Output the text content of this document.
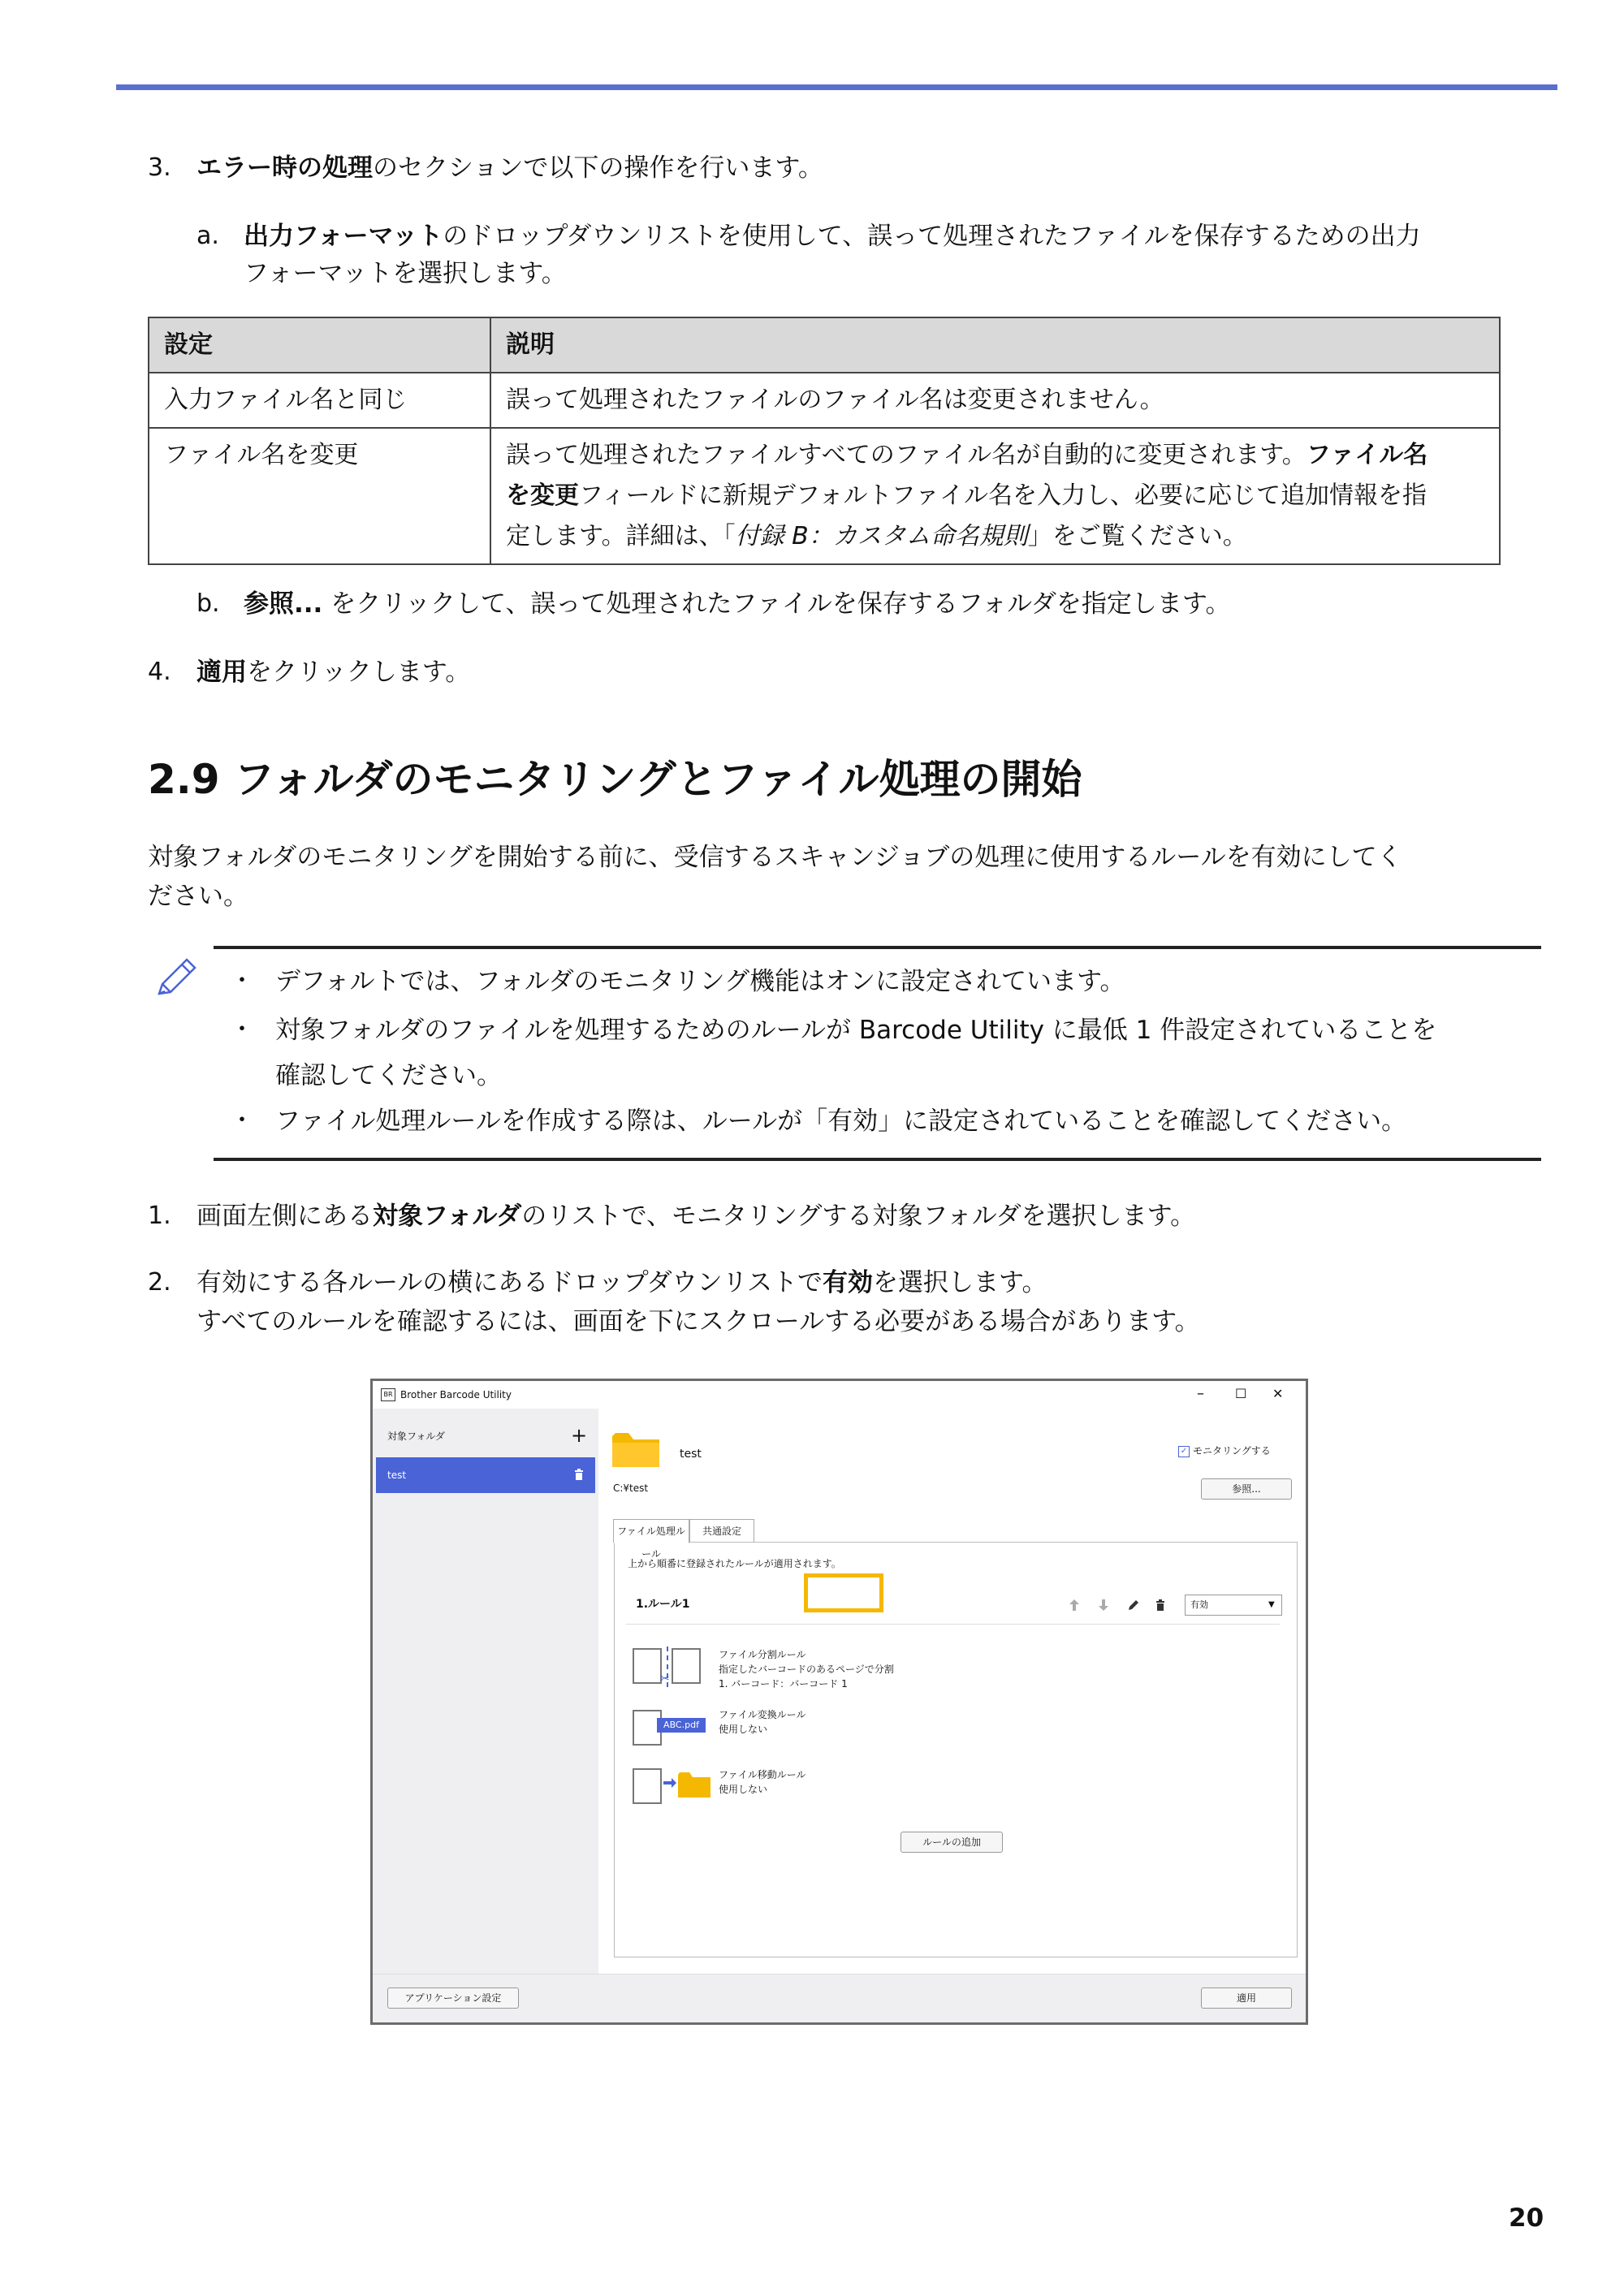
3. エラー時の処理のセクションで以下の操作を行います。
a. 出力フォーマットのドロップダウンリストを使用して、誤って処理されたファイルを保存するための出力
フォーマットを選択します。
設定	説明
入力ファイル名と同じ	誤って処理されたファイルのファイル名は変更されません。
ファイル名を変更	誤って処理されたファイルすべてのファイル名が自動的に変更されます。ファイル名
を変更フィールドに新規デフォルトファイル名を入力し、必要に応じて追加情報を指
定します。詳細は、「付録 B：カスタム命名規則」をご覧ください。
b. 参照... をクリックして、誤って処理されたファイルを保存するフォルダを指定します。
4. 適用をクリックします。
2.9 フォルダのモニタリングとファイル処理の開始
対象フォルダのモニタリングを開始する前に、受信するスキャンジョブの処理に使用するルールを有効にしてく
ださい。
・ デフォルトでは、フォルダのモニタリング機能はオンに設定されています。
・ 対象フォルダのファイルを処理するためのルールが Barcode Utility に最低 1 件設定されていることを
確認してください。
・ ファイル処理ルールを作成する際は、ルールが「有効」に設定されていることを確認してください。
1. 画面左側にある対象フォルダのリストで、モニタリングする対象フォルダを選択します。
2. 有効にする各ルールの横にあるドロップダウンリストで有効を選択します。
すべてのルールを確認するには、画面を下にスクロールする必要がある場合があります。
BR Brother Barcode Utility	– ☐ ✕
対象フォルダ	+
test
test	✓ モニタリングする
C:¥test	参照...
ファイル処理ルール
共通設定
上から順番に登録されたルールが適用されます。
1.ルール1	有効	▼
✂
ファイル分割ルール
指定したバーコードのあるページで分割
1. バーコード：バーコード 1
ABC.pdf
ファイル変換ルール
使用しない
ファイル移動ルール
使用しない
ルールの追加
アプリケーション設定	適用
20
